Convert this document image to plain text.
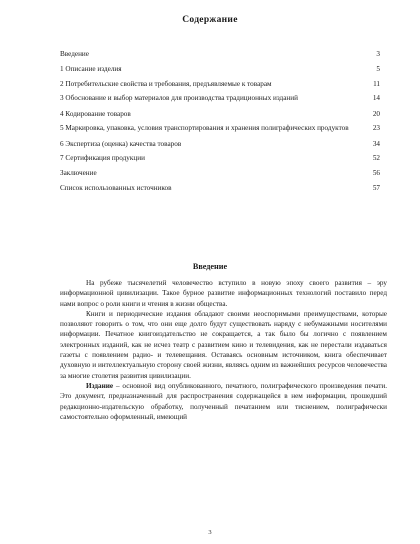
Содержание
Введение	3
1 Описание изделия	5
2 Потребительские свойства и требования, предъявляемые к товарам	11
3 Обоснование и выбор материалов для производства традиционных изданий	14
4 Кодирование товаров	20
5 Маркировка, упаковка, условия транспортирования и хранения полиграфических продуктов	23
6 Экспертиза (оценка) качества товаров	34
7 Сертификация продукции	52
Заключение	56
Список использованных источников	57
Введение

На рубеже тысячелетий человечество вступило в новую эпоху своего развития – эру информационной цивилизации. Такое бурное развитие информационных технологий поставило перед нами вопрос о роли книги и чтения в жизни общества.

Книги и периодические издания обладают своими неоспоримыми преимуществами, которые позволяют говорить о том, что они еще долго будут существовать наряду с небумажными носителями информации. Печатное книгоиздательство не сокращается, а так было бы логично с появлением электронных изданий, как не исчез театр с развитием кино и телевидения, как не перестали издаваться газеты с появлением радио- и телевещания. Оставаясь основным источником, книга обеспечивает духовную и интеллектуальную сторону своей жизни, являясь одним из важнейших ресурсов человечества за многие столетия развития цивилизации.

Издание – основной вид опубликованного, печатного, полиграфического произведения печати. Это документ, предназначенный для распространения содержащейся в нем информации, прошедший редакционно-издательскую обработку, полученный печатанием или тиснением, полиграфически самостоятельно оформленный, имеющий

3
